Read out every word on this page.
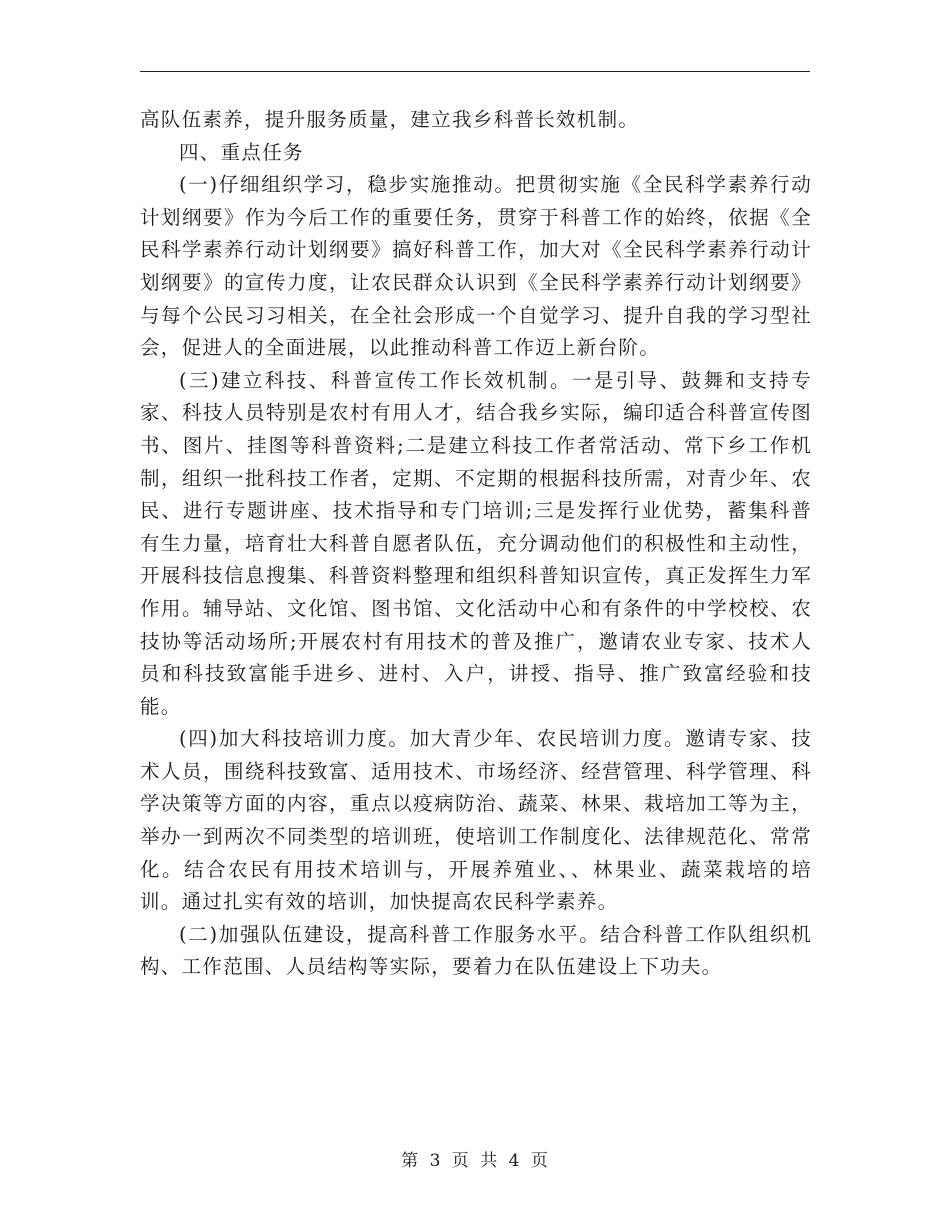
高队伍素养，提升服务质量，建立我乡科普长效机制。

四、重点任务

(一)仔细组织学习，稳步实施推动。把贯彻实施《全民科学素养行动计划纲要》作为今后工作的重要任务，贯穿于科普工作的始终，依据《全民科学素养行动计划纲要》搞好科普工作，加大对《全民科学素养行动计划纲要》的宣传力度，让农民群众认识到《全民科学素养行动计划纲要》与每个公民习习相关，在全社会形成一个自觉学习、提升自我的学习型社会，促进人的全面进展，以此推动科普工作迈上新台阶。

(三)建立科技、科普宣传工作长效机制。一是引导、鼓舞和支持专家、科技人员特别是农村有用人才，结合我乡实际，编印适合科普宣传图书、图片、挂图等科普资料;二是建立科技工作者常活动、常下乡工作机制，组织一批科技工作者，定期、不定期的根据科技所需，对青少年、农民、进行专题讲座、技术指导和专门培训;三是发挥行业优势，蓄集科普有生力量，培育壮大科普自愿者队伍，充分调动他们的积极性和主动性，开展科技信息搜集、科普资料整理和组织科普知识宣传，真正发挥生力军作用。辅导站、文化馆、图书馆、文化活动中心和有条件的中学校校、农技协等活动场所;开展农村有用技术的普及推广，邀请农业专家、技术人员和科技致富能手进乡、进村、入户，讲授、指导、推广致富经验和技能。

(四)加大科技培训力度。加大青少年、农民培训力度。邀请专家、技术人员，围绕科技致富、适用技术、市场经济、经营管理、科学管理、科学决策等方面的内容，重点以疫病防治、蔬菜、林果、栽培加工等为主，举办一到两次不同类型的培训班，使培训工作制度化、法律规范化、常常化。结合农民有用技术培训与，开展养殖业、、林果业、蔬菜栽培的培训。通过扎实有效的培训，加快提高农民科学素养。

(二)加强队伍建设，提高科普工作服务水平。结合科普工作队组织机构、工作范围、人员结构等实际，要着力在队伍建设上下功夫。

第 3 页 共 4 页
